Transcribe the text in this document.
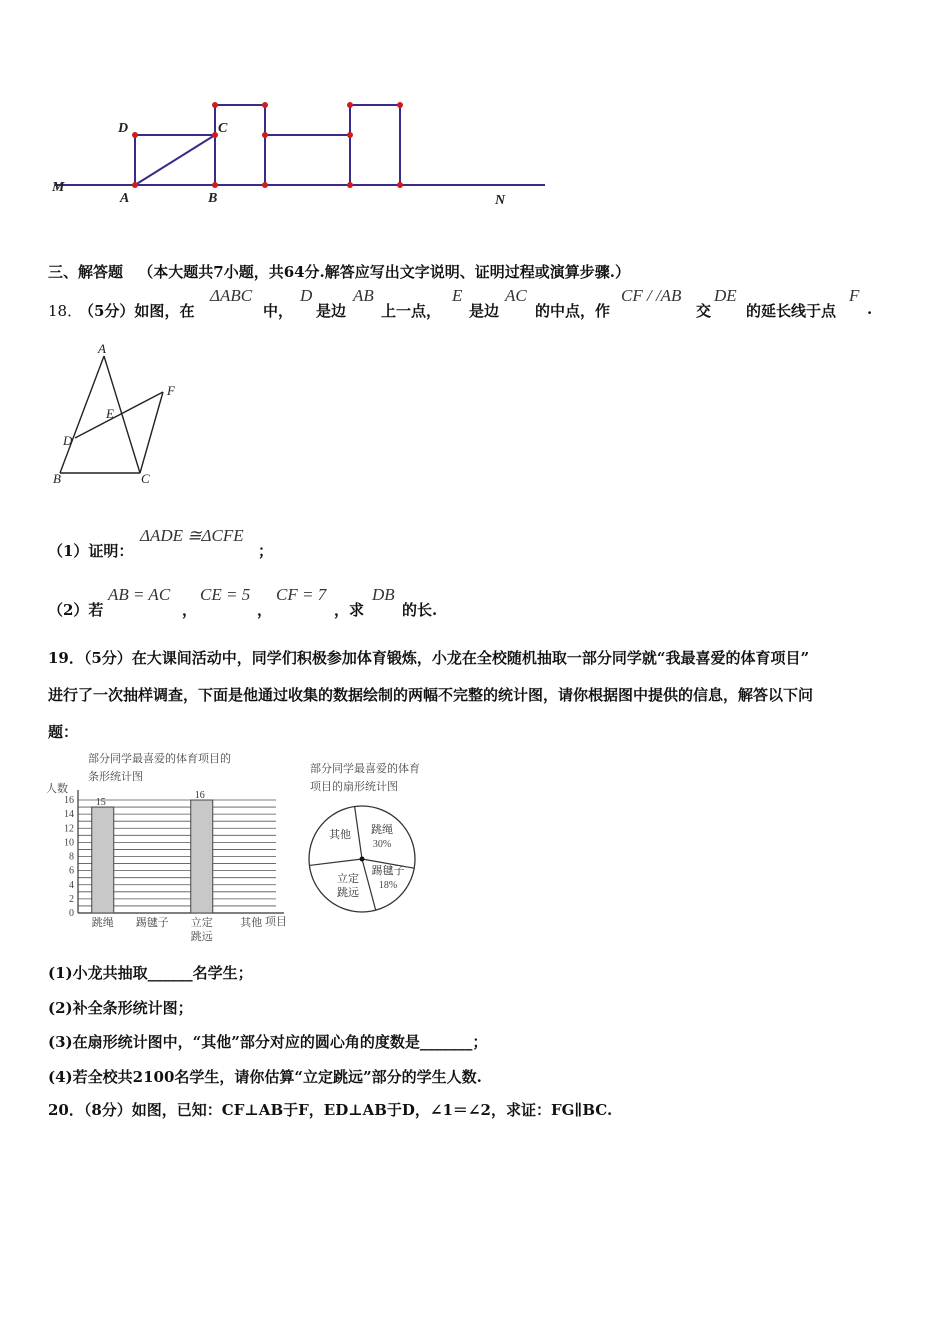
D	C
M
A	B	N
三、解答题 （本大题共7小题，共64分.解答应写出文字说明、证明过程或演算步骤.）
18．
（5分）如图，在
ΔABC
中，
D
是边
AB
上一点，
E
是边
AC
的中点，作
CF / /AB
交
DE
的延长线于点
F
.
A
F
E
D
B	C
（1）证明：
ΔADE ≅ΔCFE
；
（2）若
AB = AC
，
CE = 5
，
CF = 7
，求
DB
的长.
19．（5分）在大课间活动中，同学们积极参加体育锻炼，小龙在全校随机抽取一部分同学就“我最喜爱的体育项目”
进行了一次抽样调查，下面是他通过收集的数据绘制的两幅不完整的统计图，请你根据图中提供的信息，解答以下问
题：
部分同学最喜爱的体育项目的
条形统计图
人数
项目
15
16
0
2
4
6
8
10
12
14
16
跳绳 踢毽子 立定
跳远
其他
部分同学最喜爱的体育
项目的扇形统计图
跳绳
30%
踢毽子
18%
立定
跳远
其他
(1)小龙共抽取______名学生；
(2)补全条形统计图；
(3)在扇形统计图中，“其他”部分对应的圆心角的度数是_______；
(4)若全校共2100名学生，请你估算“立定跳远”部分的学生人数.
20．（8分）如图，已知：CF⊥AB于F，ED⊥AB于D，∠1＝∠2，求证：FG∥BC.
